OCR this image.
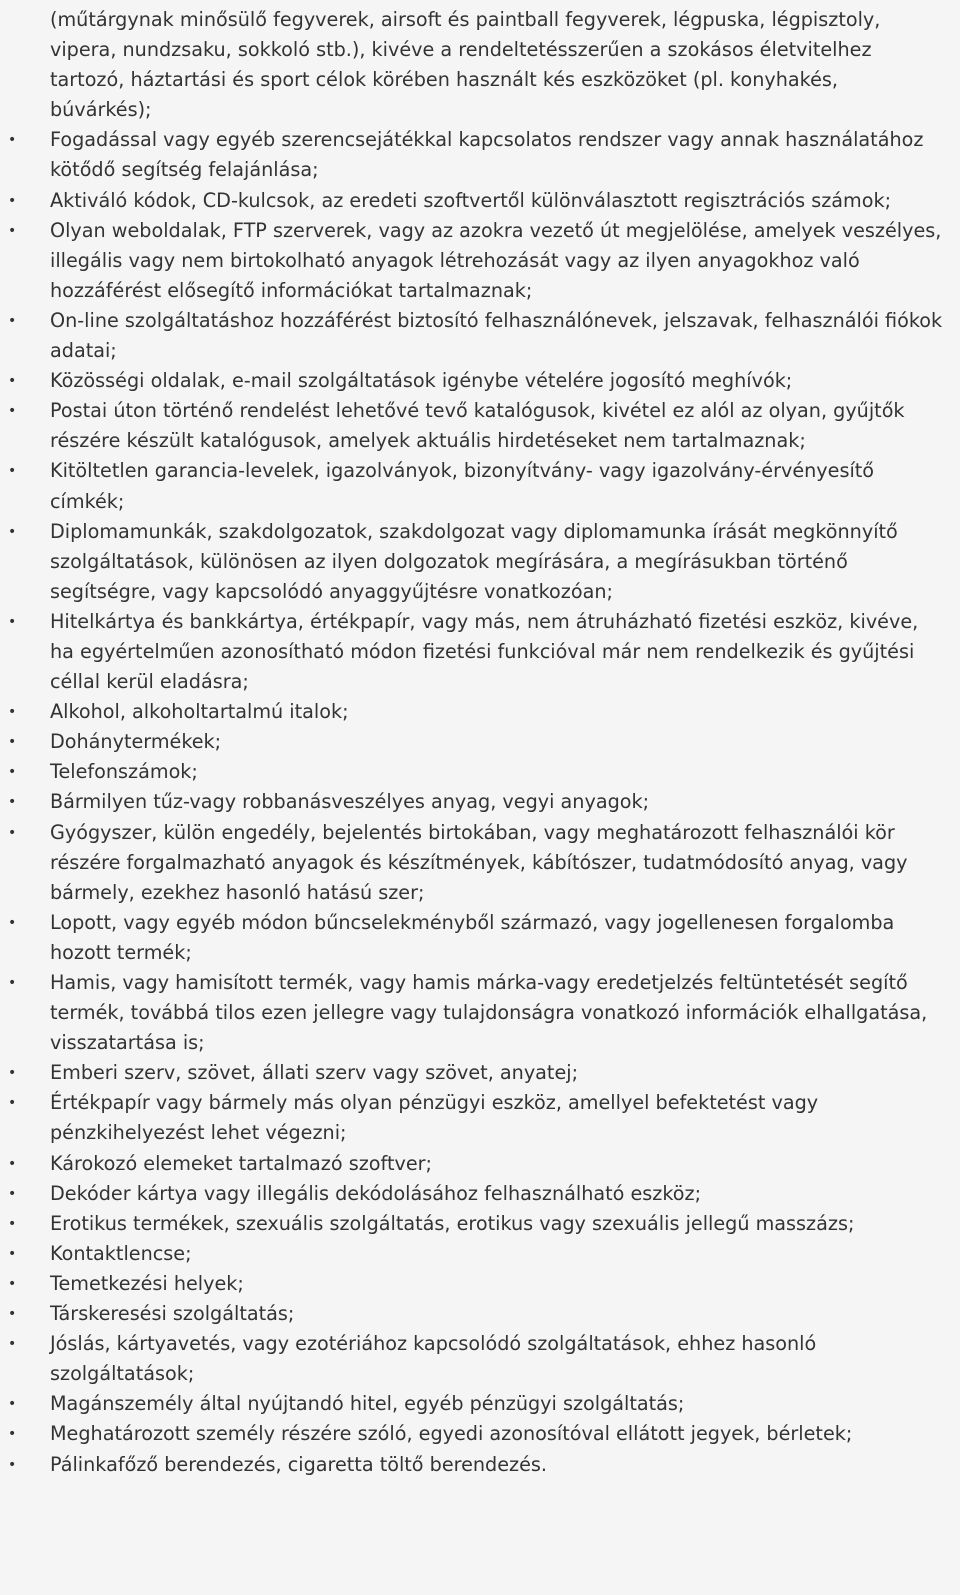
(műtárgynak minősülő fegyverek, airsoft és paintball fegyverek, légpuska, légpisztoly, vipera, nundzsaku, sokkoló stb.), kivéve a rendeltetésszerűen a szokásos életvitelhez tartozó, háztartási és sport célok körében használt kés eszközöket (pl. konyhakés, búvárkés);

• Fogadással vagy egyéb szerencsejátékkal kapcsolatos rendszer vagy annak használatához kötődő segítség felajánlása;
• Aktiváló kódok, CD-kulcsok, az eredeti szoftvertől különválasztott regisztrációs számok;
• Olyan weboldalak, FTP szerverek, vagy az azokra vezető út megjelölése, amelyek veszélyes, illegális vagy nem birtokolható anyagok létrehozását vagy az ilyen anyagokhoz való hozzáférést elősegítő információkat tartalmaznak;
• On-line szolgáltatáshoz hozzáférést biztosító felhasználónevek, jelszavak, felhasználói fiókok adatai;
• Közösségi oldalak, e-mail szolgáltatások igénybe vételére jogosító meghívók;
• Postai úton történő rendelést lehetővé tevő katalógusok, kivétel ez alól az olyan, gyűjtők részére készült katalógusok, amelyek aktuális hirdetéseket nem tartalmaznak;
• Kitöltetlen garancia-levelek, igazolványok, bizonyítvány- vagy igazolvány-érvényesítő címkék;
• Diplomamunkák, szakdolgozatok, szakdolgozat vagy diplomamunka írását megkönnyítő szolgáltatások, különösen az ilyen dolgozatok megírására, a megírásukban történő segítségre, vagy kapcsolódó anyaggyűjtésre vonatkozóan;
• Hitelkártya és bankkártya, értékpapír, vagy más, nem átruházható fizetési eszköz, kivéve, ha egyértelműen azonosítható módon fizetési funkcióval már nem rendelkezik és gyűjtési céllal kerül eladásra;
• Alkohol, alkoholtartalmú italok;
• Dohánytermékek;
• Telefonszámok;
• Bármilyen tűz-vagy robbanásveszélyes anyag, vegyi anyagok;
• Gyógyszer, külön engedély, bejelentés birtokában, vagy meghatározott felhasználói kör részére forgalmazható anyagok és készítmények, kábítószer, tudatmódosító anyag, vagy bármely, ezekhez hasonló hatású szer;
• Lopott, vagy egyéb módon bűncselekményből származó, vagy jogellenesen forgalomba hozott termék;
• Hamis, vagy hamisított termék, vagy hamis márka-vagy eredetjelzés feltüntetését segítő termék, továbbá tilos ezen jellegre vagy tulajdonságra vonatkozó információk elhallgatása, visszatartása is;
• Emberi szerv, szövet, állati szerv vagy szövet, anyatej;
• Értékpapír vagy bármely más olyan pénzügyi eszköz, amellyel befektetést vagy pénzkihelyezést lehet végezni;
• Károkozó elemeket tartalmazó szoftver;
• Dekóder kártya vagy illegális dekódolásához felhasználható eszköz;
• Erotikus termékek, szexuális szolgáltatás, erotikus vagy szexuális jellegű masszázs;
• Kontaktlencse;
• Temetkezési helyek;
• Társkeresési szolgáltatás;
• Jóslás, kártyavetés, vagy ezotériához kapcsolódó szolgáltatások, ehhez hasonló szolgáltatások;
• Magánszemély által nyújtandó hitel, egyéb pénzügyi szolgáltatás;
• Meghatározott személy részére szóló, egyedi azonosítóval ellátott jegyek, bérletek;
• Pálinkafőző berendezés, cigaretta töltő berendezés.
